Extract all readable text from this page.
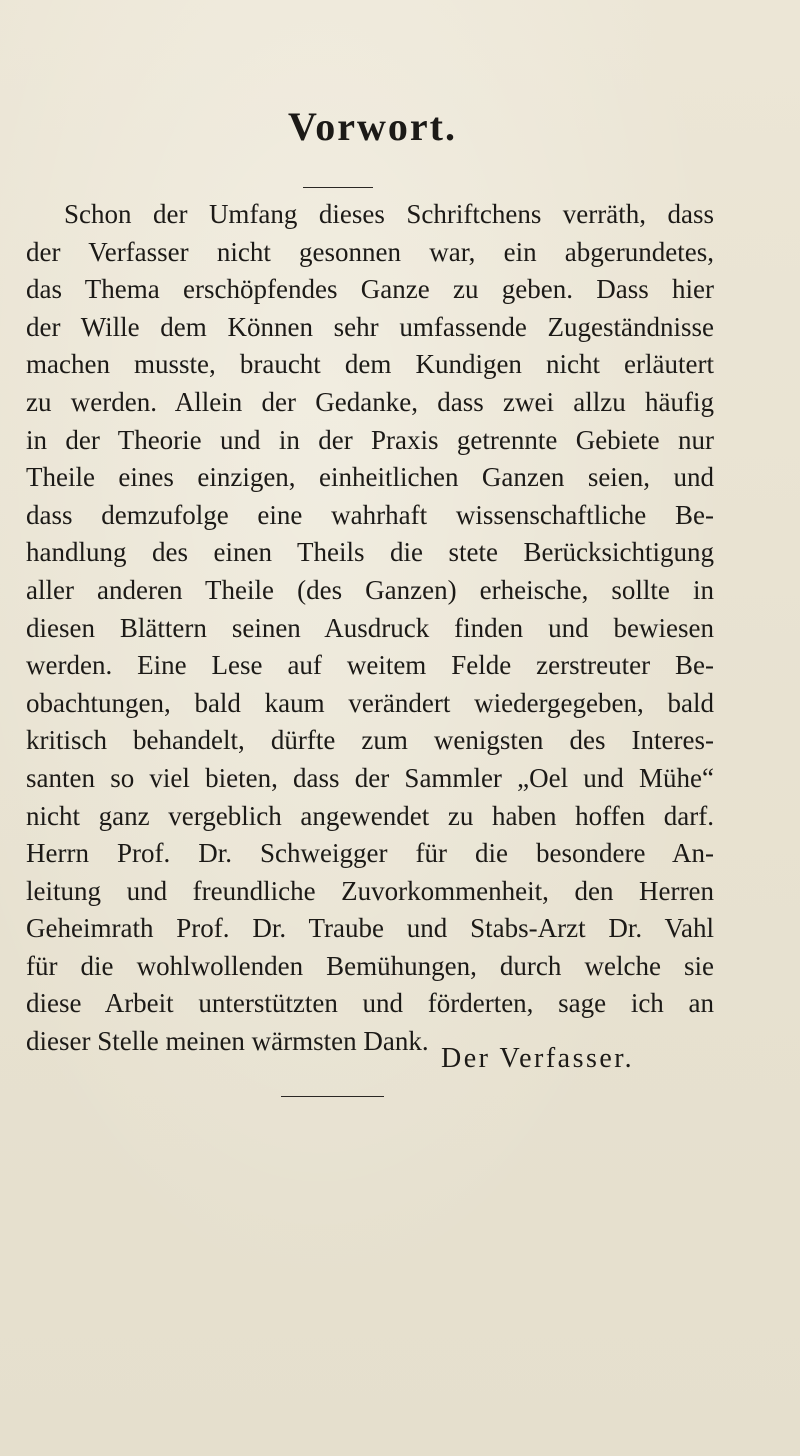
Vorwort.
Schon der Umfang dieses Schriftchens verräth, dass
der Verfasser nicht gesonnen war, ein abgerundetes,
das Thema erschöpfendes Ganze zu geben. Dass hier
der Wille dem Können sehr umfassende Zugeständnisse
machen musste, braucht dem Kundigen nicht erläutert
zu werden. Allein der Gedanke, dass zwei allzu häufig
in der Theorie und in der Praxis getrennte Gebiete nur
Theile eines einzigen, einheitlichen Ganzen seien, und
dass demzufolge eine wahrhaft wissenschaftliche Be-
handlung des einen Theils die stete Berücksichtigung
aller anderen Theile (des Ganzen) erheische, sollte in
diesen Blättern seinen Ausdruck finden und bewiesen
werden. Eine Lese auf weitem Felde zerstreuter Be-
obachtungen, bald kaum verändert wiedergegeben, bald
kritisch behandelt, dürfte zum wenigsten des Interes-
santen so viel bieten, dass der Sammler „Oel und Mühe“
nicht ganz vergeblich angewendet zu haben hoffen darf.
Herrn Prof. Dr. Schweigger für die besondere An-
leitung und freundliche Zuvorkommenheit, den Herren
Geheimrath Prof. Dr. Traube und Stabs-Arzt Dr. Vahl
für die wohlwollenden Bemühungen, durch welche sie
diese Arbeit unterstützten und förderten, sage ich an
dieser Stelle meinen wärmsten Dank.
Der Verfasser.
